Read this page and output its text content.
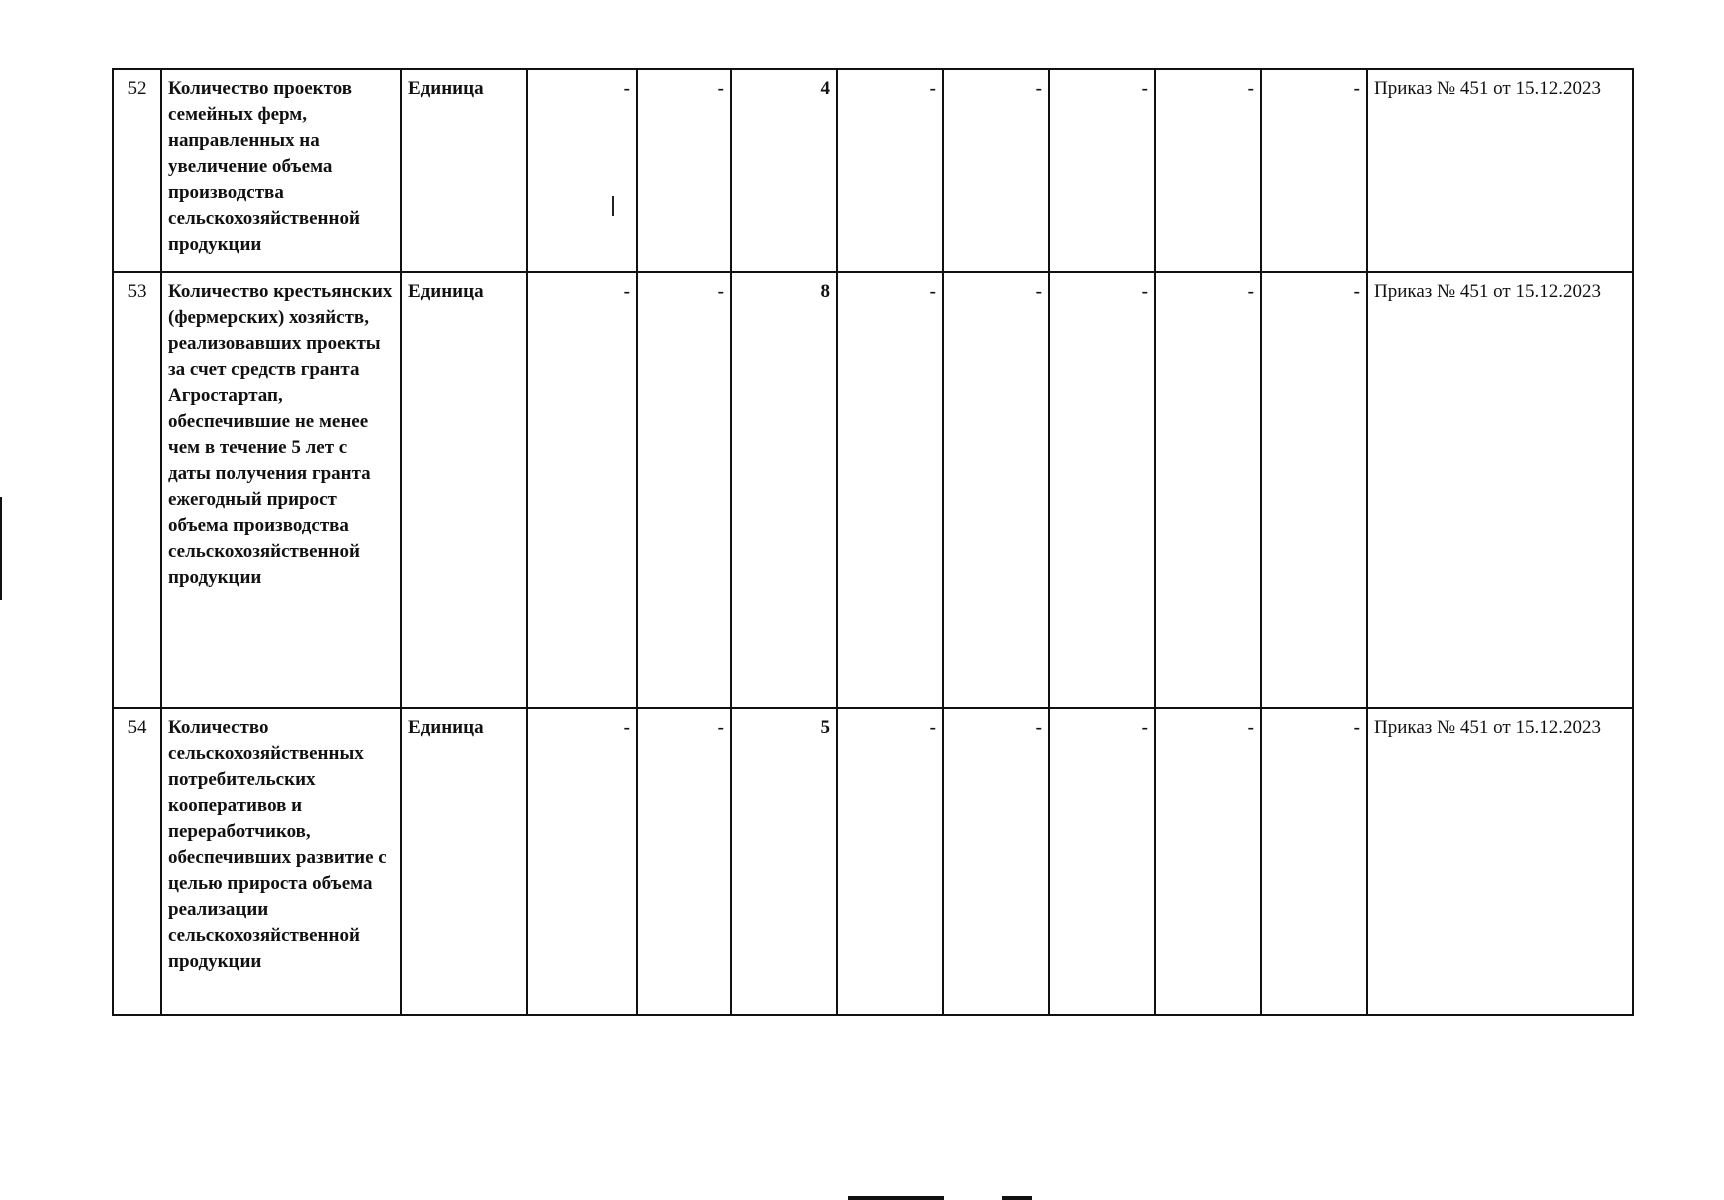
52	Количество проектов семейных ферм, направленных на увеличение объема производства сельскохозяйственной продукции	Единица	-	-	4	-	-	-	-	-	Приказ № 451 от 15.12.2023
53	Количество крестьянских (фермерских) хозяйств, реализовавших проекты за счет средств гранта Агростартап, обеспечившие не менее чем в течение 5 лет с даты получения гранта ежегодный прирост объема производства сельскохозяйственной продукции	Единица	-	-	8	-	-	-	-	-	Приказ № 451 от 15.12.2023
54	Количество сельскохозяйственных потребительских кооперативов и переработчиков, обеспечивших развитие с целью прироста объема реализации сельскохозяйственной продукции	Единица	-	-	5	-	-	-	-	-	Приказ № 451 от 15.12.2023
